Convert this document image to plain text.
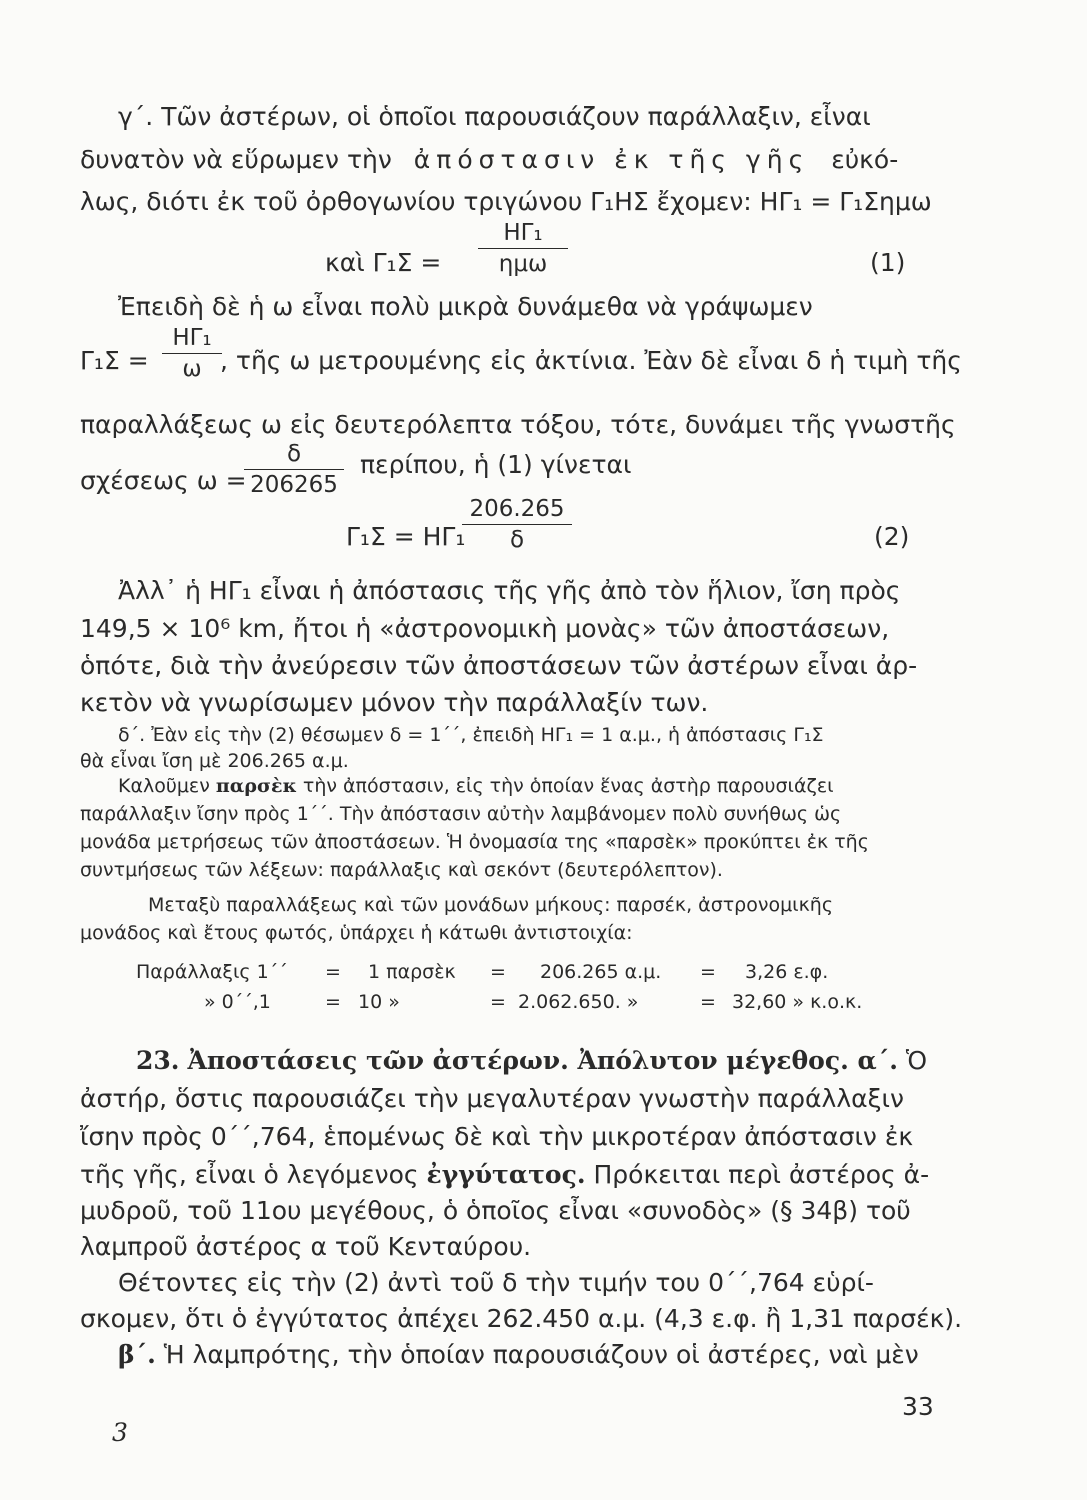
γ΄. Τῶν ἀστέρων, οἱ ὁποῖοι παρουσιάζουν παράλλαξιν, εἶναι
δυνατὸν νὰ εὕρωμεν τὴν ἀπόστασιν ἐκ τῆς γῆς εὐκό-
λως, διότι ἐκ τοῦ ὀρθογωνίου τριγώνου Γ₁ΗΣ ἔχομεν: ΗΓ₁ = Γ₁Σημω
καὶ Γ₁Σ =
ΗΓ₁
ημω	(1)
Ἐπειδὴ δὲ ἡ ω εἶναι πολὺ μικρὰ δυνάμεθα νὰ γράψωμεν
Γ₁Σ =
ΗΓ₁
ω , τῆς ω μετρουμένης εἰς ἀκτίνια. Ἐὰν δὲ εἶναι δ ἡ τιμὴ τῆς
παραλλάξεως ω εἰς δευτερόλεπτα τόξου, τότε, δυνάμει τῆς γνωστῆς
σχέσεως ω =
δ
206265
περίπου, ἡ (1) γίνεται
Γ₁Σ = ΗΓ₁
206.265
δ	(2)
Ἀλλ᾽ ἡ ΗΓ₁ εἶναι ἡ ἀπόστασις τῆς γῆς ἀπὸ τὸν ἥλιον, ἴση πρὸς
149,5 × 10⁶ km, ἤτοι ἡ «ἀστρονομικὴ μονὰς» τῶν ἀποστάσεων,
ὁπότε, διὰ τὴν ἀνεύρεσιν τῶν ἀποστάσεων τῶν ἀστέρων εἶναι ἀρ-
κετὸν νὰ γνωρίσωμεν μόνον τὴν παράλλαξίν των.
δ΄. Ἐὰν εἰς τὴν (2) θέσωμεν δ = 1΄΄, ἐπειδὴ ΗΓ₁ = 1 α.μ., ἡ ἀπόστασις Γ₁Σ
θὰ εἶναι ἴση μὲ 206.265 α.μ.
Καλοῦμεν παρσὲκ τὴν ἀπόστασιν, εἰς τὴν ὁποίαν ἕνας ἀστὴρ παρουσιάζει
παράλλαξιν ἴσην πρὸς 1΄΄. Τὴν ἀπόστασιν αὐτὴν λαμβάνομεν πολὺ συνήθως ὡς
μονάδα μετρήσεως τῶν ἀποστάσεων. Ἡ ὀνομασία της «παρσὲκ» προκύπτει ἐκ τῆς
συντμήσεως τῶν λέξεων: παράλλαξις καὶ σεκόντ (δευτερόλεπτον).
Μεταξὺ παραλλάξεως καὶ τῶν μονάδων μήκους: παρσέκ, ἀστρονομικῆς
μονάδος καὶ ἔτους φωτός, ὑπάρχει ἡ κάτωθι ἀντιστοιχία:
Παράλλαξις 1΄΄ = 1 παρσὲκ = 206.265 α.μ. = 3,26 ε.φ.
» 0΄΄,1	= 10 »	= 2.062.650. »	= 32,60 » κ.ο.κ.
23. Ἀποστάσεις τῶν ἀστέρων. Ἀπόλυτον μέγεθος. α΄. Ὁ
ἀστήρ, ὅστις παρουσιάζει τὴν μεγαλυτέραν γνωστὴν παράλλαξιν
ἴσην πρὸς 0΄΄,764, ἑπομένως δὲ καὶ τὴν μικροτέραν ἀπόστασιν ἐκ
τῆς γῆς, εἶναι ὁ λεγόμενος ἐγγύτατος. Πρόκειται περὶ ἀστέρος ἀ-
μυδροῦ, τοῦ 11ου μεγέθους, ὁ ὁποῖος εἶναι «συνοδὸς» (§ 34β) τοῦ
λαμπροῦ ἀστέρος α τοῦ Κενταύρου.
Θέτοντες εἰς τὴν (2) ἀντὶ τοῦ δ τὴν τιμήν του 0΄΄,764 εὑρί-
σκομεν, ὅτι ὁ ἐγγύτατος ἀπέχει 262.450 α.μ. (4,3 ε.φ. ἢ 1,31 παρσέκ).
β΄. Ἡ λαμπρότης, τὴν ὁποίαν παρουσιάζουν οἱ ἀστέρες, ναὶ μὲν
3
33
